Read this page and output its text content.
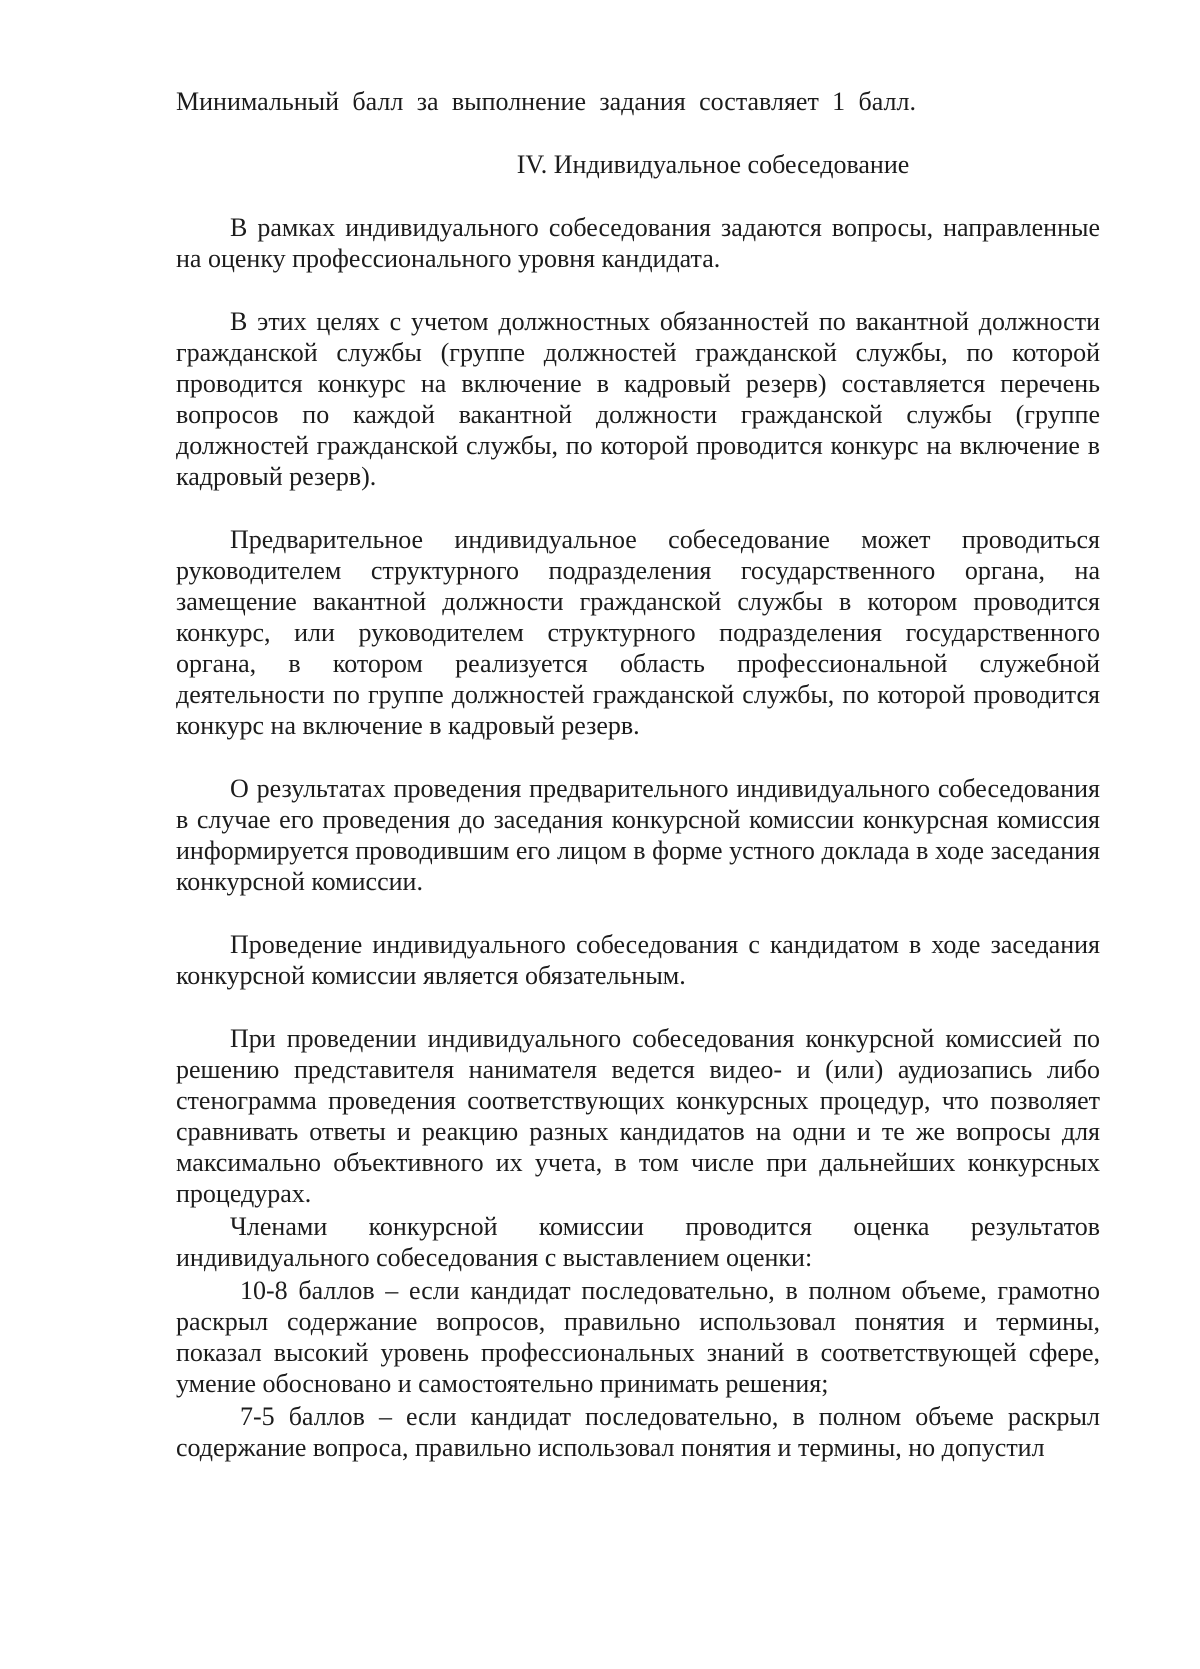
Минимальный балл за выполнение задания составляет 1 балл.

IV. Индивидуальное собеседование

В рамках индивидуального собеседования задаются вопросы, направленные на оценку профессионального уровня кандидата.

В этих целях с учетом должностных обязанностей по вакантной должности гражданской службы (группе должностей гражданской службы, по которой проводится конкурс на включение в кадровый резерв) составляется перечень вопросов по каждой вакантной должности гражданской службы (группе должностей гражданской службы, по которой проводится конкурс на включение в кадровый резерв).

Предварительное индивидуальное собеседование может проводиться руководителем структурного подразделения государственного органа, на замещение вакантной должности гражданской службы в котором проводится конкурс, или руководителем структурного подразделения государственного органа, в котором реализуется область профессиональной служебной деятельности по группе должностей гражданской службы, по которой проводится конкурс на включение в кадровый резерв.

О результатах проведения предварительного индивидуального собеседования в случае его проведения до заседания конкурсной комиссии конкурсная комиссия информируется проводившим его лицом в форме устного доклада в ходе заседания конкурсной комиссии.

Проведение индивидуального собеседования с кандидатом в ходе заседания конкурсной комиссии является обязательным.

При проведении индивидуального собеседования конкурсной комиссией по решению представителя нанимателя ведется видео- и (или) аудиозапись либо стенограмма проведения соответствующих конкурсных процедур, что позволяет сравнивать ответы и реакцию разных кандидатов на одни и те же вопросы для максимально объективного их учета, в том числе при дальнейших конкурсных процедурах.

Членами конкурсной комиссии проводится оценка результатов индивидуального собеседования с выставлением оценки:

10-8 баллов – если кандидат последовательно, в полном объеме, грамотно раскрыл содержание вопросов, правильно использовал понятия и термины, показал высокий уровень профессиональных знаний в соответствующей сфере, умение обосновано и самостоятельно принимать решения;

7-5 баллов – если кандидат последовательно, в полном объеме раскрыл содержание вопроса, правильно использовал понятия и термины, но допустил
